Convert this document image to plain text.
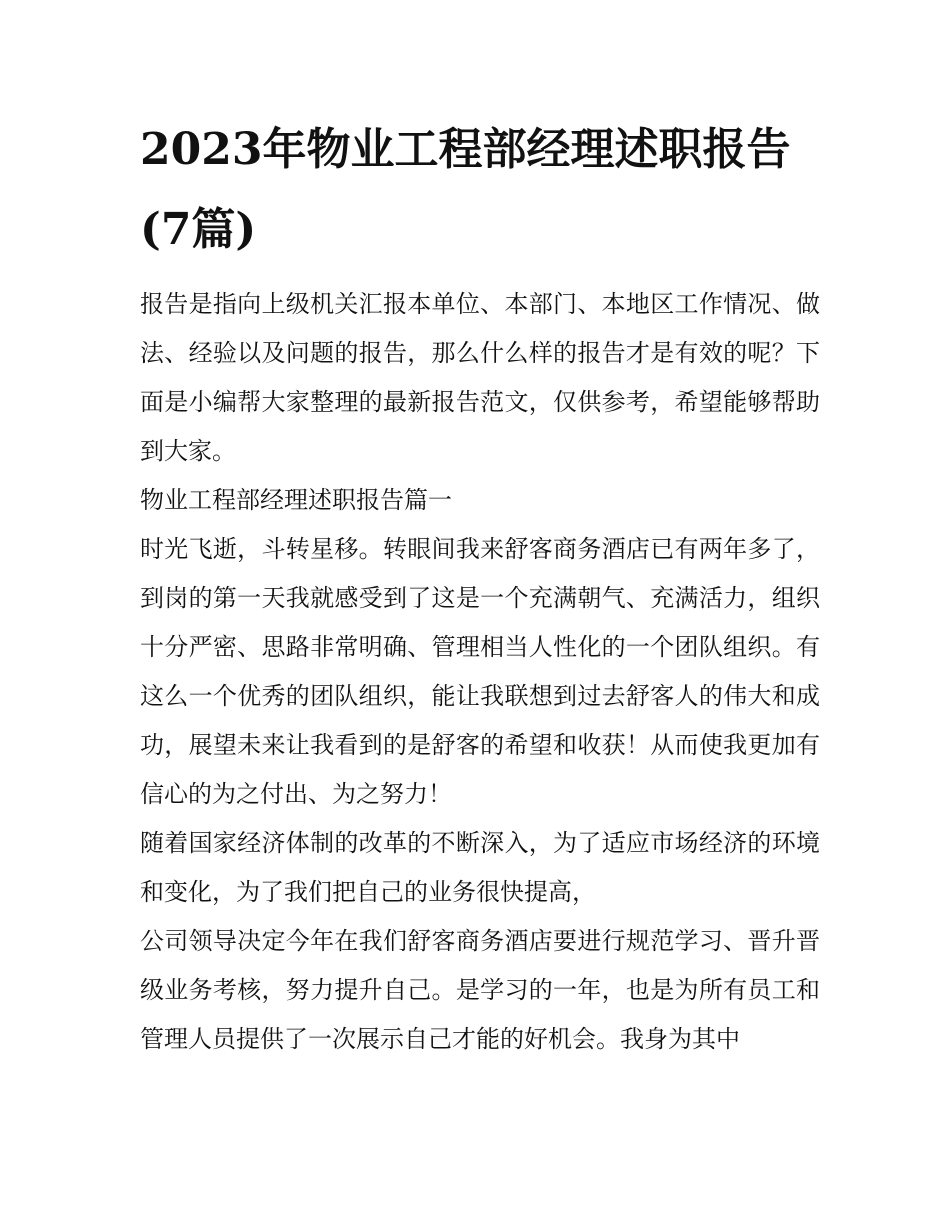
2023年物业工程部经理述职报告(7篇)

报告是指向上级机关汇报本单位、本部门、本地区工作情况、做法、经验以及问题的报告，那么什么样的报告才是有效的呢？下面是小编帮大家整理的最新报告范文，仅供参考，希望能够帮助到大家。

物业工程部经理述职报告篇一

时光飞逝，斗转星移。转眼间我来舒客商务酒店已有两年多了，到岗的第一天我就感受到了这是一个充满朝气、充满活力，组织十分严密、思路非常明确、管理相当人性化的一个团队组织。有这么一个优秀的团队组织，能让我联想到过去舒客人的伟大和成功，展望未来让我看到的是舒客的希望和收获！从而使我更加有信心的为之付出、为之努力！

随着国家经济体制的改革的不断深入，为了适应市场经济的环境和变化，为了我们把自己的业务很快提高，

公司领导决定今年在我们舒客商务酒店要进行规范学习、晋升晋级业务考核，努力提升自己。是学习的一年，也是为所有员工和管理人员提供了一次展示自己才能的好机会。我身为其中
